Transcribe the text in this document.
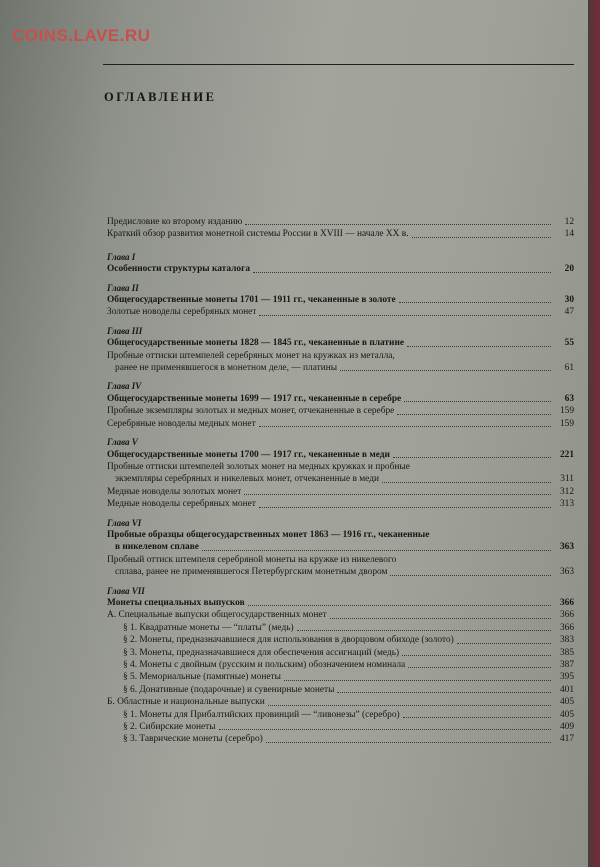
COINS.LAVE.RU
ОГЛАВЛЕНИЕ
Предисловие ко второму изданию	12
Краткий обзор развития монетной системы России в XVIII — начале XX в.	14
Глава I
Особенности структуры каталога	20
Глава II
Общегосударственные монеты 1701 — 1911 гг., чеканенные в золоте	30
Золотые новоделы серебряных монет	47
Глава III
Общегосударственные монеты 1828 — 1845 гг., чеканенные в платине	55
Пробные оттиски штемпелей серебряных монет на кружках из металла,
ранее не применявшегося в монетном деле, — платины	61
Глава IV
Общегосударственные монеты 1699 — 1917 гг., чеканенные в серебре	63
Пробные экземпляры золотых и медных монет, отчеканенные в серебре	159
Серебряные новоделы медных монет	159
Глава V
Общегосударственные монеты 1700 — 1917 гг., чеканенные в меди	221
Пробные оттиски штемпелей золотых монет на медных кружках и пробные
экземпляры серебряных и никелевых монет, отчеканенные в меди	311
Медные новоделы золотых монет	312
Медные новоделы серебряных монет	313
Глава VI
Пробные образцы общегосударственных монет 1863 — 1916 гг., чеканенные
в никелевом сплаве	363
Пробный оттиск штемпеля серебряной монеты на кружке из никелевого
сплава, ранее не применявшегося Петербургским монетным двором	363
Глава VII
Монеты специальных выпусков	366
А. Специальные выпуски общегосударственных монет	366
§ 1. Квадратные монеты — “платы” (медь)	366
§ 2. Монеты, предназначавшиеся для использования в дворцовом обиходе (золото)	383
§ 3. Монеты, предназначавшиеся для обеспечения ассигнаций (медь)	385
§ 4. Монеты с двойным (русским и польским) обозначением номинала	387
§ 5. Мемориальные (памятные) монеты	395
§ 6. Донативные (подарочные) и сувенирные монеты	401
Б. Областные и национальные выпуски	405
§ 1. Монеты для Прибалтийских провинций — “ливонезы” (серебро)	405
§ 2. Сибирские монеты	409
§ 3. Таврические монеты (серебро)	417
